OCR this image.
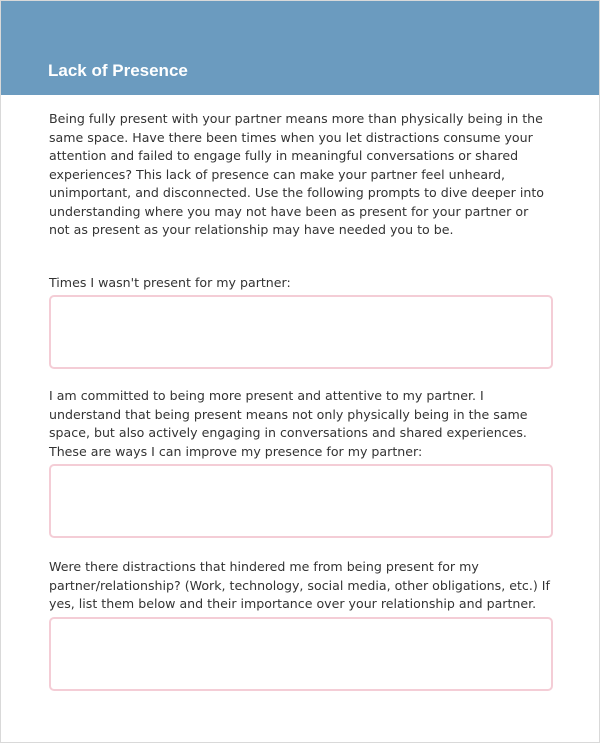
Lack of Presence

Being fully present with your partner means more than physically being in the same space. Have there been times when you let distractions consume your attention and failed to engage fully in meaningful conversations or shared experiences? This lack of presence can make your partner feel unheard, unimportant, and disconnected. Use the following prompts to dive deeper into understanding where you may not have been as present for your partner or not as present as your relationship may have needed you to be.

Times I wasn't present for my partner:

I am committed to being more present and attentive to my partner. I understand that being present means not only physically being in the same space, but also actively engaging in conversations and shared experiences. These are ways I can improve my presence for my partner:

Were there distractions that hindered me from being present for my partner/relationship? (Work, technology, social media, other obligations, etc.) If yes, list them below and their importance over your relationship and partner.
